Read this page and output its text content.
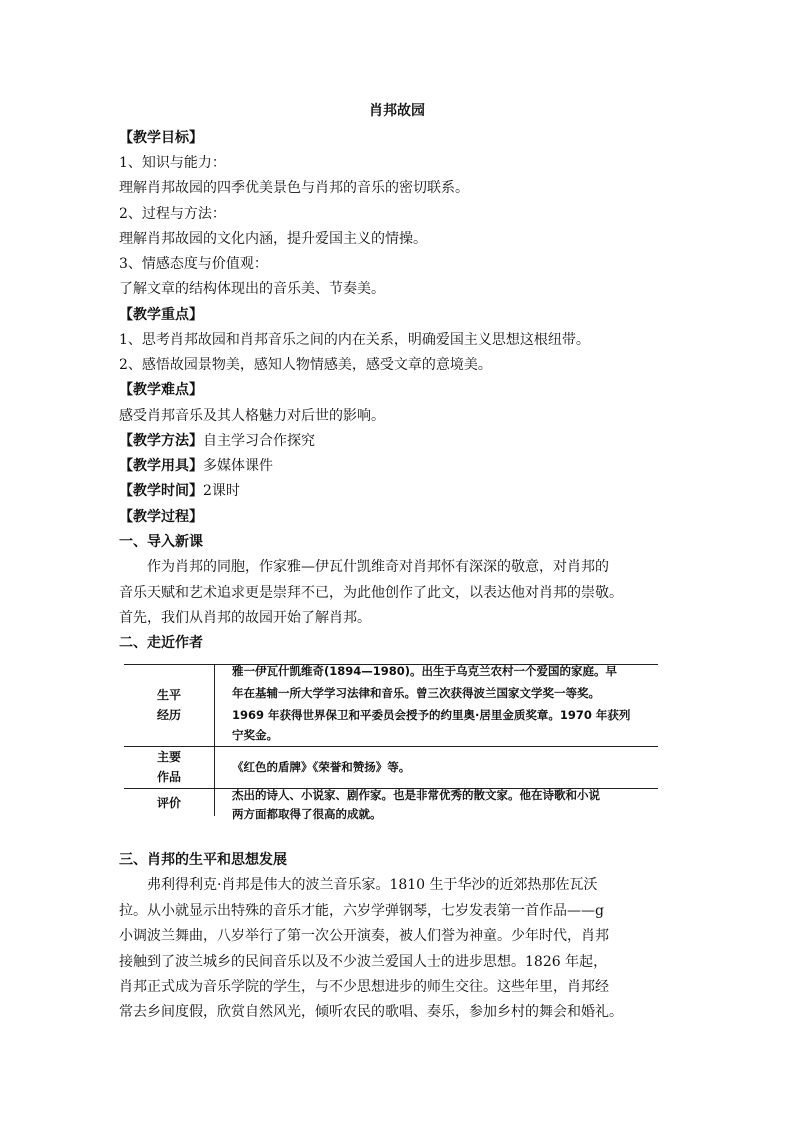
肖邦故园
【教学目标】
1、知识与能力：
理解肖邦故园的四季优美景色与肖邦的音乐的密切联系。
2、过程与方法：
理解肖邦故园的文化内涵，提升爱国主义的情操。
3、情感态度与价值观：
了解文章的结构体现出的音乐美、节奏美。
【教学重点】
1、思考肖邦故园和肖邦音乐之间的内在关系，明确爱国主义思想这根纽带。
2、感悟故园景物美，感知人物情感美，感受文章的意境美。
【教学难点】
感受肖邦音乐及其人格魅力对后世的影响。
【教学方法】自主学习合作探究
【教学用具】多媒体课件
【教学时间】2课时
【教学过程】
一、导入新课
作为肖邦的同胞，作家雅—伊瓦什凯维奇对肖邦怀有深深的敬意，对肖邦的
音乐天赋和艺术追求更是崇拜不已，为此他创作了此文，以表达他对肖邦的崇敬。
首先，我们从肖邦的故园开始了解肖邦。
二、走近作者
生平
经历
雅一伊瓦什凯维奇(1894—1980)。出生于乌克兰农村一个爱国的家庭。早
年在基辅一所大学学习法律和音乐。曾三次获得波兰国家文学奖一等奖。
1969 年获得世界保卫和平委员会授予的约里奥·居里金质奖章。1970 年获列
宁奖金。
主要
作品
《红色的盾牌》《荣誉和赞扬》等。
评价
杰出的诗人、小说家、剧作家。也是非常优秀的散文家。他在诗歌和小说
两方面都取得了很高的成就。
三、肖邦的生平和思想发展
弗利得利克·肖邦是伟大的波兰音乐家。1810 生于华沙的近郊热那佐瓦沃
拉。从小就显示出特殊的音乐才能，六岁学弹钢琴，七岁发表第一首作品——g
小调波兰舞曲，八岁举行了第一次公开演奏，被人们誉为神童。少年时代，肖邦
接触到了波兰城乡的民间音乐以及不少波兰爱国人士的进步思想。1826 年起，
肖邦正式成为音乐学院的学生，与不少思想进步的师生交往。这些年里，肖邦经
常去乡间度假，欣赏自然风光，倾听农民的歌唱、奏乐，参加乡村的舞会和婚礼。
